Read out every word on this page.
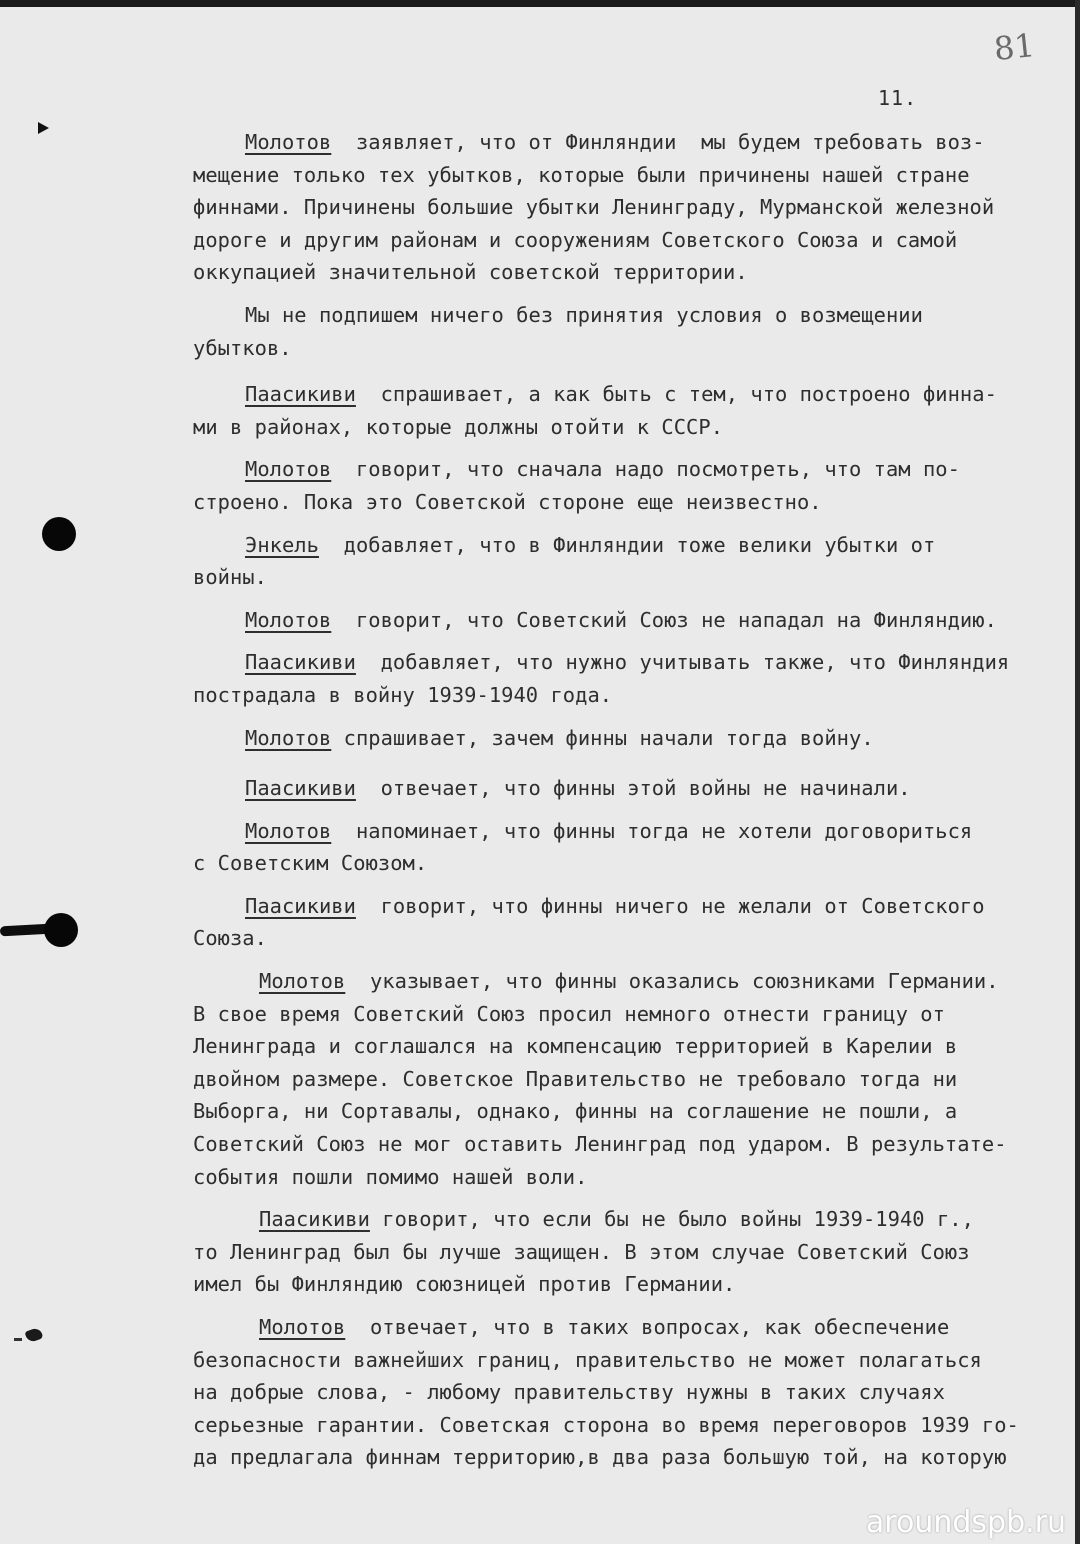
81
11.
Молотов  заявляет, что от Финляндии  мы будем требовать воз-
мещение только тех убытков, которые были причинены нашей стране
финнами. Причинены большие убытки Ленинграду, Мурманской железной
дороге и другим районам и сооружениям Советского Союза и самой
оккупацией значительной советской территории.
Мы не подпишем ничего без принятия условия о возмещении
убытков.
Паасикиви  спрашивает, а как быть с тем, что построено финна-
ми в районах, которые должны отойти к СССР.
Молотов  говорит, что сначала надо посмотреть, что там по-
строено. Пока это Советской стороне еще неизвестно.
Энкель  добавляет, что в Финляндии тоже велики убытки от
войны.
Молотов  говорит, что Советский Союз не нападал на Финляндию.
Паасикиви  добавляет, что нужно учитывать также, что Финляндия
пострадала в войну 1939-1940 года.
Молотов спрашивает, зачем финны начали тогда войну.
Паасикиви  отвечает, что финны этой войны не начинали.
Молотов  напоминает, что финны тогда не хотели договориться
с Советским Союзом.
Паасикиви  говорит, что финны ничего не желали от Советского
Союза.
Молотов  указывает, что финны оказались союзниками Германии.
В свое время Советский Союз просил немного отнести границу от
Ленинграда и соглашался на компенсацию территорией в Карелии в
двойном размере. Советское Правительство не требовало тогда ни
Выборга, ни Сортавалы, однако, финны на соглашение не пошли, а
Советский Союз не мог оставить Ленинград под ударом. В результате-
события пошли помимо нашей воли.
Паасикиви говорит, что если бы не было войны 1939-1940 г.,
то Ленинград был бы лучше защищен. В этом случае Советский Союз
имел бы Финляндию союзницей против Германии.
Молотов  отвечает, что в таких вопросах, как обеспечение
безопасности важнейших границ, правительство не может полагаться
на добрые слова, - любому правительству нужны в таких случаях
серьезные гарантии. Советская сторона во время переговоров 1939 го-
да предлагала финнам территорию,в два раза большую той, на которую
aroundspb.ru
